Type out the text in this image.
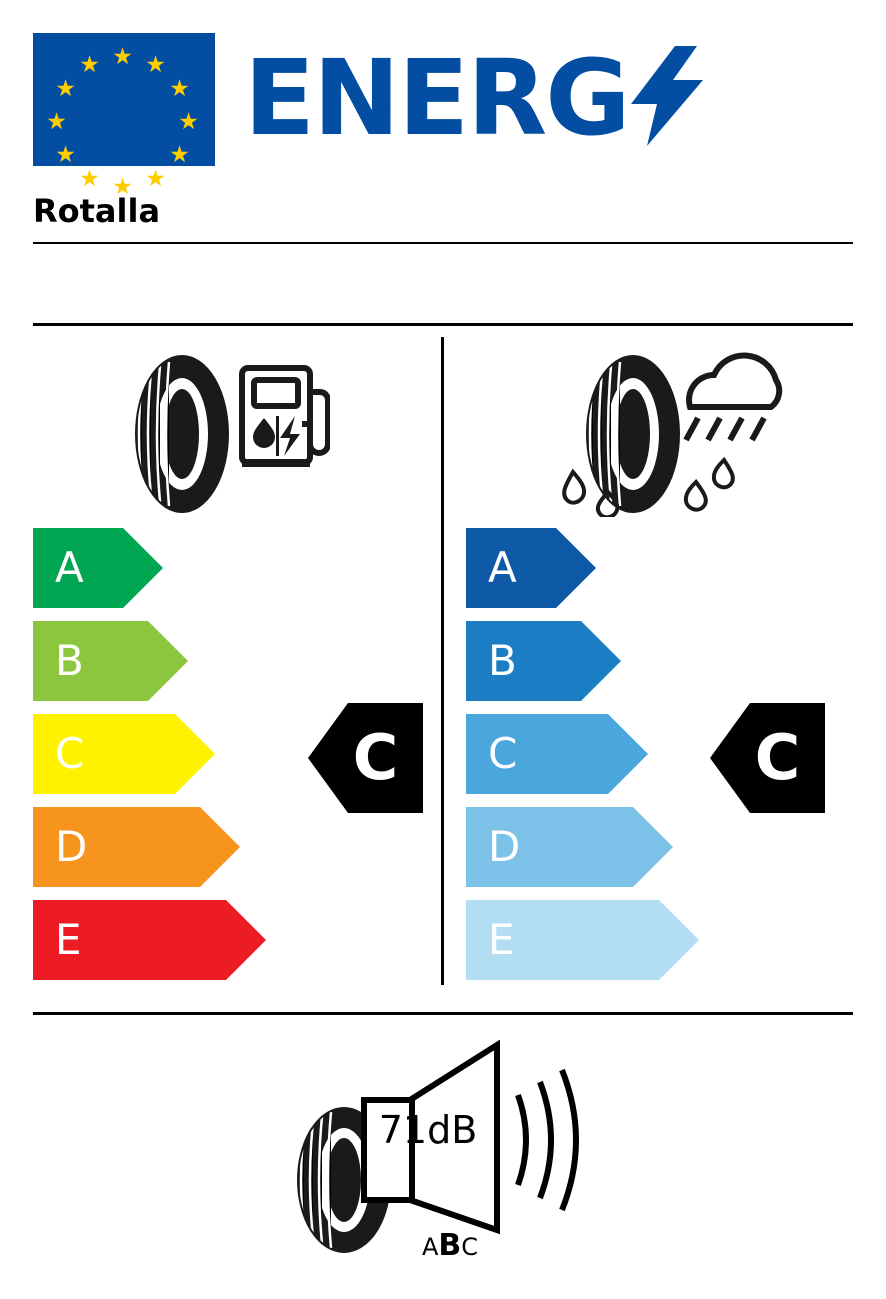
★ ★
★
★
★
★
★
★
★
★
★
★ ENERG
Rotalla
A
B
C
D
E
A
B
C
D
E
C	C
71dB
ABC
